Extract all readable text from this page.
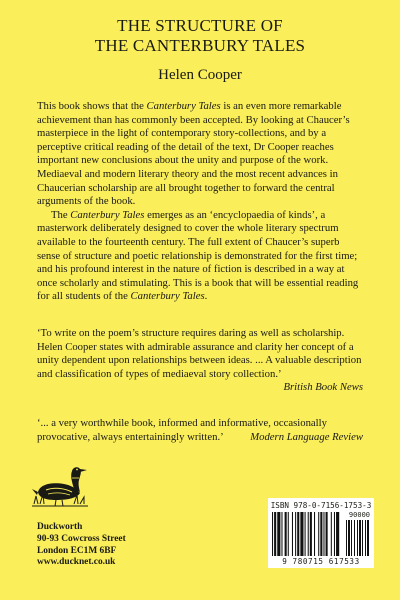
THE STRUCTURE OF
THE CANTERBURY TALES
Helen Cooper

This book shows that the Canterbury Tales is an even more remarkable achievement than has commonly been accepted. By looking at Chaucer’s masterpiece in the light of contemporary story-collections, and by a perceptive critical reading of the detail of the text, Dr Cooper reaches important new conclusions about the unity and purpose of the work. Mediaeval and modern literary theory and the most recent advances in Chaucerian scholarship are all brought together to forward the central arguments of the book.

The Canterbury Tales emerges as an ‘encyclopaedia of kinds’, a masterwork deliberately designed to cover the whole literary spectrum available to the fourteenth century. The full extent of Chaucer’s superb sense of structure and poetic relationship is demonstrated for the first time; and his profound interest in the nature of fiction is described in a way at once scholarly and stimulating. This is a book that will be essential reading for all students of the Canterbury Tales.

‘To write on the poem’s structure requires daring as well as scholarship. Helen Cooper states with admirable assurance and clarity her concept of a unity dependent upon relationships between ideas. ... A valuable description and classification of types of mediaeval story collection.’

British Book News

‘... a very worthwhile book, informed and informative, occasionally

provocative, always entertainingly written.’ Modern Language Review
Duckworth
90-93 Cowcross Street
London EC1M 6BF
www.ducknet.co.uk
ISBN 978-0-7156-1753-3
90000
9 780715 617533
